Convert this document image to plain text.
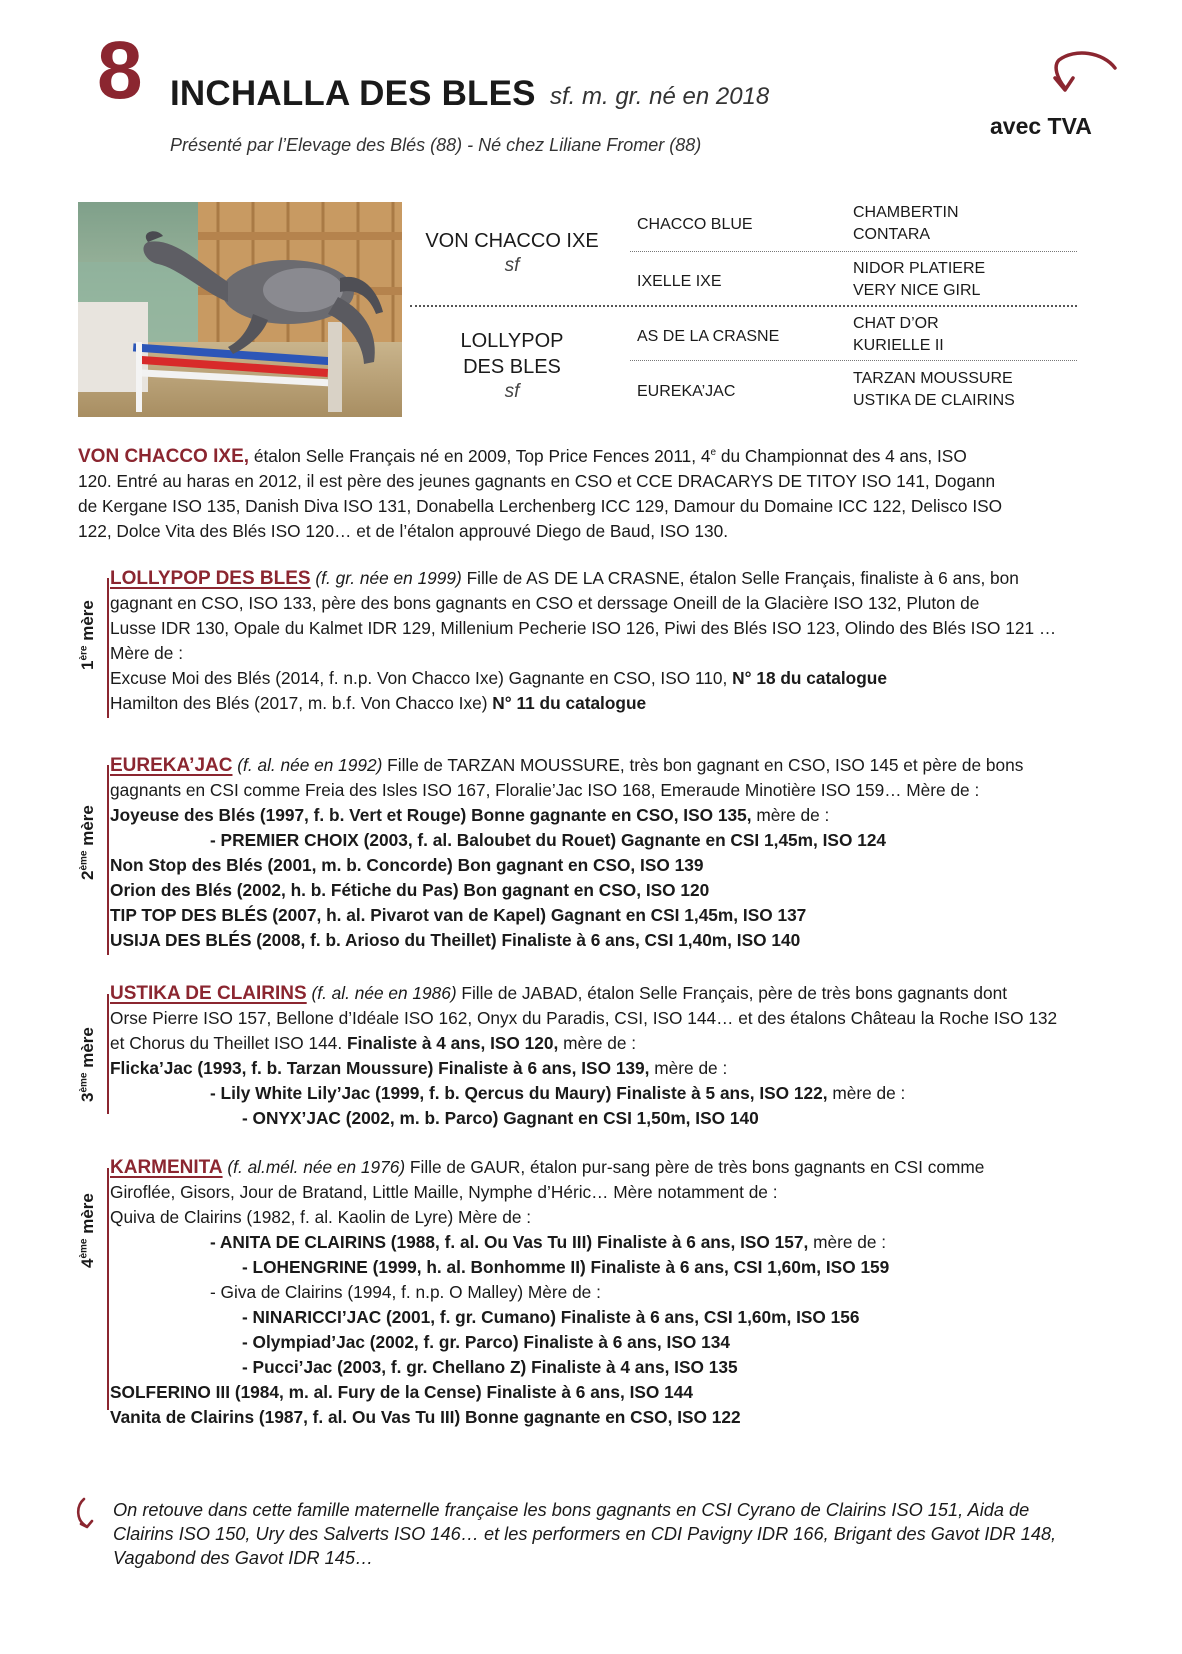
8 INCHALLA DES BLES sf. m. gr. né en 2018
Présenté par l’Elevage des Blés (88) - Né chez Liliane Fromer (88)
avec TVA
VON CHACCO IXE
sf
LOLLYPOP
DES BLES
sf
CHACCO BLUE
IXELLE IXE
AS DE LA CRASNE
EUREKA’JAC
CHAMBERTIN
CONTARA
NIDOR PLATIERE
VERY NICE GIRL
CHAT D’OR
KURIELLE II
TARZAN MOUSSURE
USTIKA DE CLAIRINS
VON CHACCO IXE, étalon Selle Français né en 2009, Top Price Fences 2011, 4e du Championnat des 4 ans, ISO
120. Entré au haras en 2012, il est père des jeunes gagnants en CSO et CCE DRACARYS DE TITOY ISO 141, Dogann
de Kergane ISO 135, Danish Diva ISO 131, Donabella Lerchenberg ICC 129, Damour du Domaine ICC 122, Delisco ISO
122, Dolce Vita des Blés ISO 120… et de l’étalon approuvé Diego de Baud, ISO 130.
1ère mère
LOLLYPOP DES BLES (f. gr. née en 1999) Fille de AS DE LA CRASNE, étalon Selle Français, finaliste à 6 ans, bon
gagnant en CSO, ISO 133, père des bons gagnants en CSO et derssage Oneill de la Glacière ISO 132, Pluton de
Lusse IDR 130, Opale du Kalmet IDR 129, Millenium Pecherie ISO 126, Piwi des Blés ISO 123, Olindo des Blés ISO 121 …
Mère de :
Excuse Moi des Blés (2014, f. n.p. Von Chacco Ixe) Gagnante en CSO, ISO 110, N° 18 du catalogue
Hamilton des Blés (2017, m. b.f. Von Chacco Ixe) N° 11 du catalogue
2ème mère
EUREKA’JAC (f. al. née en 1992) Fille de TARZAN MOUSSURE, très bon gagnant en CSO, ISO 145 et père de bons
gagnants en CSI comme Freia des Isles ISO 167, Floralie’Jac ISO 168, Emeraude Minotière ISO 159… Mère de :
Joyeuse des Blés (1997, f. b. Vert et Rouge) Bonne gagnante en CSO, ISO 135, mère de :
- PREMIER CHOIX (2003, f. al. Baloubet du Rouet) Gagnante en CSI 1,45m, ISO 124
Non Stop des Blés (2001, m. b. Concorde) Bon gagnant en CSO, ISO 139
Orion des Blés (2002, h. b. Fétiche du Pas) Bon gagnant en CSO, ISO 120
TIP TOP DES BLÉS (2007, h. al. Pivarot van de Kapel) Gagnant en CSI 1,45m, ISO 137
USIJA DES BLÉS (2008, f. b. Arioso du Theillet) Finaliste à 6 ans, CSI 1,40m, ISO 140
3ème mère
USTIKA DE CLAIRINS (f. al. née en 1986) Fille de JABAD, étalon Selle Français, père de très bons gagnants dont
Orse Pierre ISO 157, Bellone d’Idéale ISO 162, Onyx du Paradis, CSI, ISO 144… et des étalons Château la Roche ISO 132
et Chorus du Theillet ISO 144. Finaliste à 4 ans, ISO 120, mère de :
Flicka’Jac (1993, f. b. Tarzan Moussure) Finaliste à 6 ans, ISO 139, mère de :
- Lily White Lily’Jac (1999, f. b. Qercus du Maury) Finaliste à 5 ans, ISO 122, mère de :
- ONYX’JAC (2002, m. b. Parco) Gagnant en CSI 1,50m, ISO 140
4ème mère
KARMENITA (f. al.mél. née en 1976) Fille de GAUR, étalon pur-sang père de très bons gagnants en CSI comme
Giroflée, Gisors, Jour de Bratand, Little Maille, Nymphe d’Héric… Mère notamment de :
Quiva de Clairins (1982, f. al. Kaolin de Lyre) Mère de :
- ANITA DE CLAIRINS (1988, f. al. Ou Vas Tu III) Finaliste à 6 ans, ISO 157, mère de :
- LOHENGRINE (1999, h. al. Bonhomme II) Finaliste à 6 ans, CSI 1,60m, ISO 159
- Giva de Clairins (1994, f. n.p. O Malley) Mère de :
- NINARICCI’JAC (2001, f. gr. Cumano) Finaliste à 6 ans, CSI 1,60m, ISO 156
- Olympiad’Jac (2002, f. gr. Parco) Finaliste à 6 ans, ISO 134
- Pucci’Jac (2003, f. gr. Chellano Z) Finaliste à 4 ans, ISO 135
SOLFERINO III (1984, m. al. Fury de la Cense) Finaliste à 6 ans, ISO 144
Vanita de Clairins (1987, f. al. Ou Vas Tu III) Bonne gagnante en CSO, ISO 122
On retouve dans cette famille maternelle française les bons gagnants en CSI Cyrano de Clairins ISO 151, Aida de
Clairins ISO 150, Ury des Salverts ISO 146… et les performers en CDI Pavigny IDR 166, Brigant des Gavot IDR 148,
Vagabond des Gavot IDR 145…
